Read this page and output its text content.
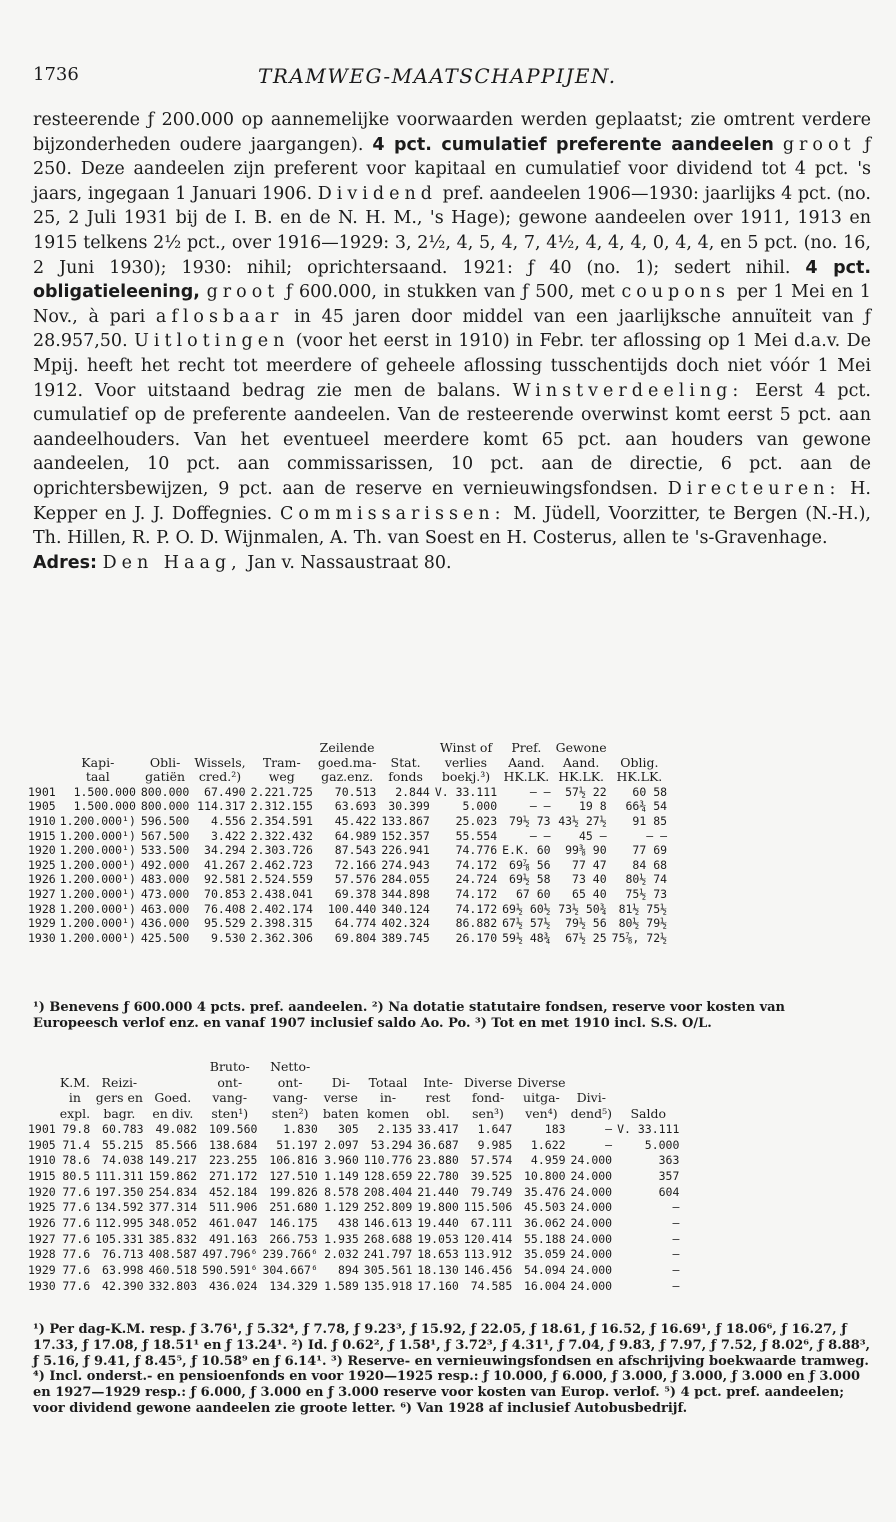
1736	TRAMWEG-MAATSCHAPPIJEN.

resteerende ƒ 200.000 op aannemelijke voorwaarden werden geplaatst; zie omtrent verdere bijzonderheden oudere jaargangen). 4 pct. cumulatief preferente aandeelen groot ƒ 250. Deze aandeelen zijn preferent voor kapitaal en cumulatief voor dividend tot 4 pct. 's jaars, ingegaan 1 Januari 1906. Dividend pref. aandeelen 1906—1930: jaarlijks 4 pct. (no. 25, 2 Juli 1931 bij de I. B. en de N. H. M., 's Hage); gewone aandeelen over 1911, 1913 en 1915 telkens 2½ pct., over 1916—1929: 3, 2½, 4, 5, 4, 7, 4½, 4, 4, 4, 0, 4, 4, en 5 pct. (no. 16, 2 Juni 1930); 1930: nihil; oprichtersaand. 1921: ƒ 40 (no. 1); sedert nihil. 4 pct. obligatieleening, groot ƒ 600.000, in stukken van ƒ 500, met coupons per 1 Mei en 1 Nov., à pari aflosbaar in 45 jaren door middel van een jaarlijksche annuïteit van ƒ 28.957,50. Uitlotingen (voor het eerst in 1910) in Febr. ter aflossing op 1 Mei d.a.v. De Mpij. heeft het recht tot meerdere of geheele aflossing tusschentijds doch niet vóór 1 Mei 1912. Voor uitstaand bedrag zie men de balans. Winstverdeeling: Eerst 4 pct. cumulatief op de preferente aandeelen. Van de resteerende overwinst komt eerst 5 pct. aan aandeelhouders. Van het eventueel meerdere komt 65 pct. aan houders van gewone aandeelen, 10 pct. aan commissarissen, 10 pct. aan de directie, 6 pct. aan de oprichtersbewijzen, 9 pct. aan de reserve en vernieuwingsfondsen. Directeuren: H. Kepper en J. J. Doffegnies. Commissarissen: M. Jüdell, Voorzitter, te Bergen (N.-H.), Th. Hillen, R. P. O. D. Wijnmalen, A. Th. van Soest en H. Costerus, allen te 's-Gravenhage.

Adres: Den Haag, Jan v. Nassaustraat 80.

					Zeilende		Winst of	Pref.	Gewone	
	Kapi-	Obli-	Wissels,	Tram-	goed.ma-	Stat.	verlies	Aand.	Aand.	Oblig.
	taal	gatiën	cred.²)	weg	gaz.enz.	fonds	boekj.³)	HK.LK.	HK.LK.	HK.LK.
1901	1.500.000	800.000	67.490	2.221.725	70.513	2.844	V. 33.111	— —	57½ 22	60 58
1905	1.500.000	800.000	114.317	2.312.155	63.693	30.399	5.000	— —	19 8	66¾ 54
1910	1.200.000¹)	596.500	4.556	2.354.591	45.422	133.867	25.023	79½ 73	43½ 27½	91 85
1915	1.200.000¹)	567.500	3.422	2.322.432	64.989	152.357	55.554	— —	45 —	— —
1920	1.200.000¹)	533.500	34.294	2.303.726	87.543	226.941	74.776	E.K. 60	99⅜ 90	77 69
1925	1.200.000¹)	492.000	41.267	2.462.723	72.166	274.943	74.172	69⅞ 56	77 47	84 68
1926	1.200.000¹)	483.000	92.581	2.524.559	57.576	284.055	24.724	69½ 58	73 40	80½ 74
1927	1.200.000¹)	473.000	70.853	2.438.041	69.378	344.898	74.172	67 60	65 40	75½ 73
1928	1.200.000¹)	463.000	76.408	2.402.174	100.440	340.124	74.172	69½ 60½	73½ 50¾	81½ 75½
1929	1.200.000¹)	436.000	95.529	2.398.315	64.774	402.324	86.882	67½ 57½	79½ 56	80½ 79½
1930	1.200.000¹)	425.500	9.530	2.362.306	69.804	389.745	26.170	59½ 48¾	67½ 25	75⅞, 72½
¹) Benevens ƒ 600.000 4 pcts. pref. aandeelen. ²) Na dotatie statutaire fondsen, reserve voor kosten van Europeesch verlof enz. en vanaf 1907 inclusief saldo Ao. Po. ³) Tot en met 1910 incl. S.S. O/L.
				Bruto-	Netto-							
	K.M.	Reizi-		ont-	ont-	Di-	Totaal	Inte-	Diverse	Diverse		
	in	gers en	Goed.	vang-	vang-	verse	in-	rest	fond-	uitga-	Divi-	
	expl.	bagr.	en div.	sten¹)	sten²)	baten	komen	obl.	sen³)	ven⁴)	dend⁵)	Saldo
1901	79.8	60.783	49.082	109.560	1.830	305	2.135	33.417	1.647	183	—	V. 33.111
1905	71.4	55.215	85.566	138.684	51.197	2.097	53.294	36.687	9.985	1.622	—	5.000
1910	78.6	74.038	149.217	223.255	106.816	3.960	110.776	23.880	57.574	4.959	24.000	363
1915	80.5	111.311	159.862	271.172	127.510	1.149	128.659	22.780	39.525	10.800	24.000	357
1920	77.6	197.350	254.834	452.184	199.826	8.578	208.404	21.440	79.749	35.476	24.000	604
1925	77.6	134.592	377.314	511.906	251.680	1.129	252.809	19.800	115.506	45.503	24.000	—
1926	77.6	112.995	348.052	461.047	146.175	438	146.613	19.440	67.111	36.062	24.000	—
1927	77.6	105.331	385.832	491.163	266.753	1.935	268.688	19.053	120.414	55.188	24.000	—
1928	77.6	76.713	408.587	497.796⁶	239.766⁶	2.032	241.797	18.653	113.912	35.059	24.000	—
1929	77.6	63.998	460.518	590.591⁶	304.667⁶	894	305.561	18.130	146.456	54.094	24.000	—
1930	77.6	42.390	332.803	436.024	134.329	1.589	135.918	17.160	74.585	16.004	24.000	—
¹) Per dag-K.M. resp. ƒ 3.76¹, ƒ 5.32⁴, ƒ 7.78, ƒ 9.23³, ƒ 15.92, ƒ 22.05, ƒ 18.61, ƒ 16.52, ƒ 16.69¹, ƒ 18.06⁶, ƒ 16.27, ƒ 17.33, ƒ 17.08, ƒ 18.51¹ en ƒ 13.24¹. ²) Id. ƒ 0.62², ƒ 1.58¹, ƒ 3.72³, ƒ 4.31¹, ƒ 7.04, ƒ 9.83, ƒ 7.97, ƒ 7.52, ƒ 8.02⁶, ƒ 8.88³, ƒ 5.16, ƒ 9.41, ƒ 8.45⁵, ƒ 10.58⁹ en ƒ 6.14¹. ³) Reserve- en vernieuwingsfondsen en afschrijving boekwaarde tramweg. ⁴) Incl. onderst.- en pensioenfonds en voor 1920—1925 resp.: ƒ 10.000, ƒ 6.000, ƒ 3.000, ƒ 3.000, ƒ 3.000 en ƒ 3.000 en 1927—1929 resp.: ƒ 6.000, ƒ 3.000 en ƒ 3.000 reserve voor kosten van Europ. verlof. ⁵) 4 pct. pref. aandeelen; voor dividend gewone aandeelen zie groote letter. ⁶) Van 1928 af inclusief Autobusbedrijf.
